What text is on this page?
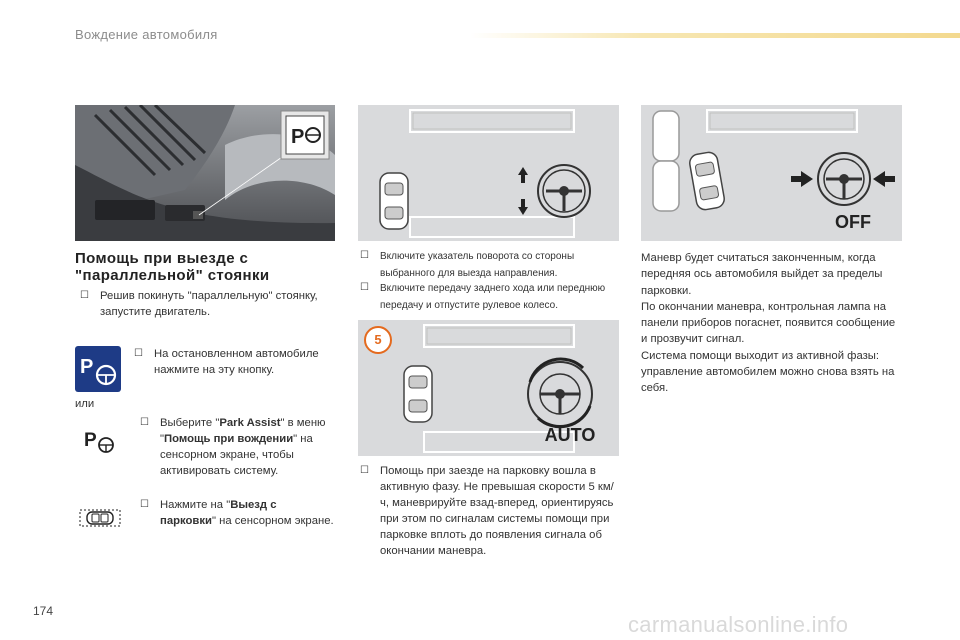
Вождение автомобиля
P
5
AUTO
OFF
Помощь при выезде с "параллельной" стоянки
☐ Решив покинуть "параллельную" стоянку, запустите двигатель.
P
☐ На остановленном автомобиле нажмите на эту кнопку.
или
P
☐ Выберите "Park Assist" в меню "Помощь при вождении" на сенсорном экране, чтобы активировать систему.
☐ Нажмите на "Выезд с парковки" на сенсорном экране.
☐	Включите указатель поворота со стороны выбранного для выезда направления.
☐	Включите передачу заднего хода или переднюю передачу и отпустите рулевое колесо.
☐ Помощь при заезде на парковку вошла в активную фазу. Не превышая скорости 5 км/ч, маневрируйте взад-вперед, ориентируясь при этом по сигналам системы помощи при парковке вплоть до появления сигнала об окончании маневра.
Маневр будет считаться законченным, когда передняя ось автомобиля выйдет за пределы парковки.
По окончании маневра, контрольная лампа на панели приборов погаснет, появится сообщение и прозвучит сигнал.
Система помощи выходит из активной фазы: управление автомобилем можно снова взять на себя.
174
carmanualsonline.info
